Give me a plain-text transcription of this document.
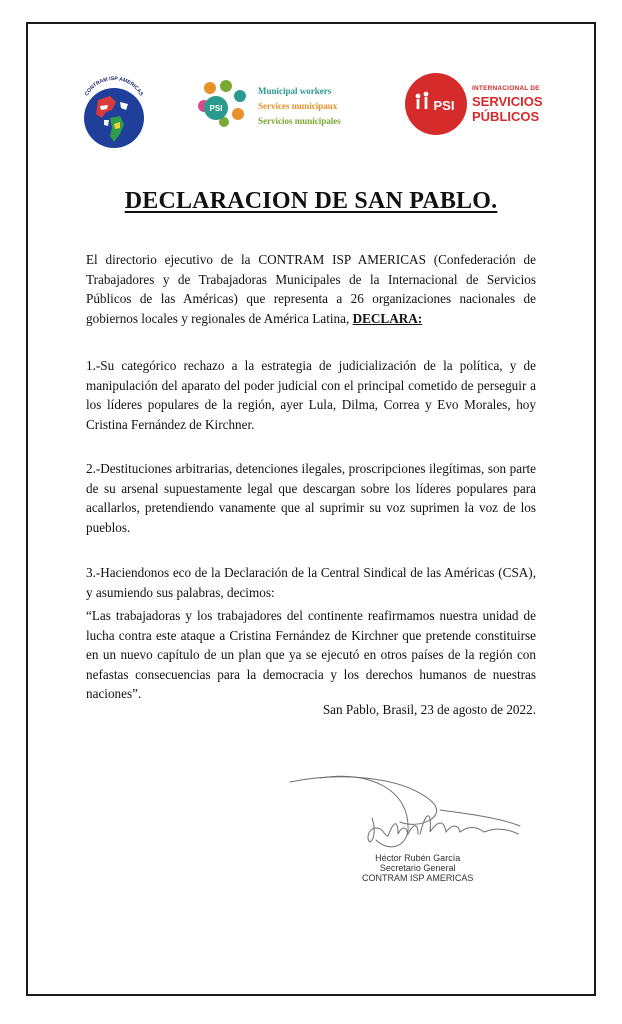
CONTRAM ISP AMERICAS
PSI
Municipal workers
Services municipaux
Servicios municipales
PSI
INTERNACIONAL DE
SERVICIOS
PÚBLICOS
DECLARACION DE SAN PABLO.
El directorio ejecutivo de la CONTRAM ISP AMERICAS (Confederación de Trabajadores y de Trabajadoras Municipales de la Internacional de Servicios Públicos de las Américas) que representa a 26 organizaciones nacionales de gobiernos locales y regionales de América Latina, DECLARA:
1.-Su categórico rechazo a la estrategia de judicialización de la política, y de manipulación del aparato del poder judicial con el principal cometido de perseguir a los líderes populares de la región, ayer Lula, Dilma, Correa y Evo Morales, hoy Cristina Fernández de Kirchner.
2.-Destituciones arbitrarias, detenciones ilegales, proscripciones ilegítimas, son parte de su arsenal supuestamente legal que descargan sobre los líderes populares para acallarlos, pretendiendo vanamente que al suprimir su voz suprimen la voz de los pueblos.
3.-Haciendonos eco de la Declaración de la Central Sindical de las Américas (CSA), y asumiendo sus palabras, decimos:
“Las trabajadoras y los trabajadores del continente reafirmamos nuestra unidad de lucha contra este ataque a Cristina Fernández de Kirchner que pretende constituirse en un nuevo capítulo de un plan que ya se ejecutó en otros países de la región con nefastas consecuencias para la democracia y los derechos humanos de nuestras naciones”.
San Pablo, Brasil, 23 de agosto de 2022.
Héctor Rubén García
Secretario General
CONTRAM ISP AMERICAS
